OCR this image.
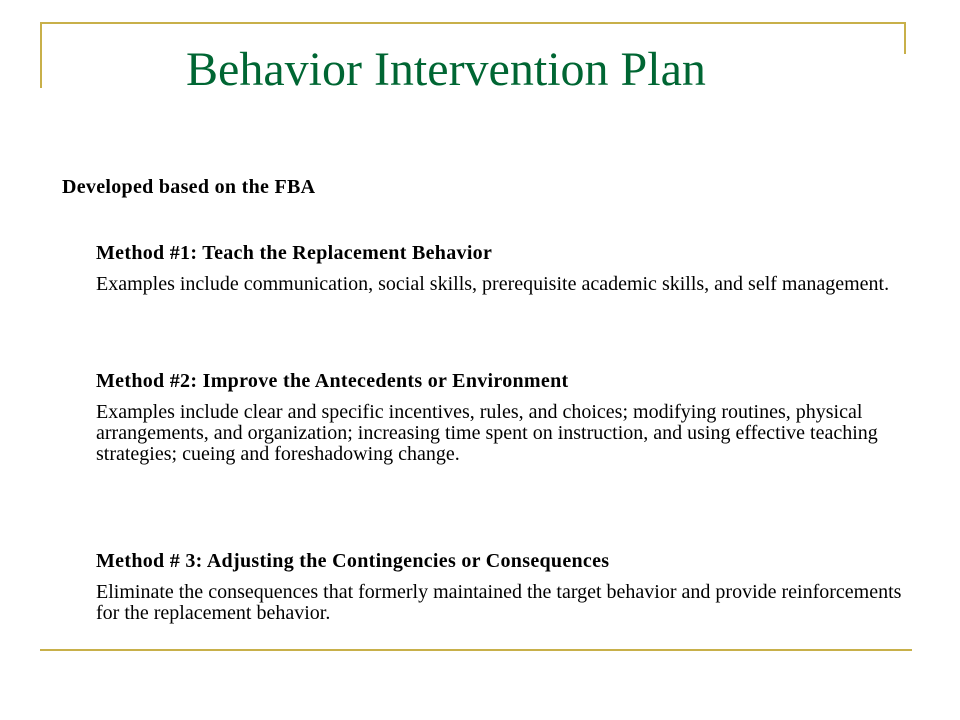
Behavior Intervention Plan

Developed based on the FBA

Method #1: Teach the Replacement Behavior

Examples include communication, social skills, prerequisite academic skills, and self management.

Method #2: Improve the Antecedents or Environment

Examples include clear and specific incentives, rules, and choices; modifying routines, physical arrangements, and organization; increasing time spent on instruction, and using effective teaching strategies; cueing and foreshadowing change.

Method # 3: Adjusting the Contingencies or Consequences

Eliminate the consequences that formerly maintained the target behavior and provide reinforcements for the replacement behavior.
